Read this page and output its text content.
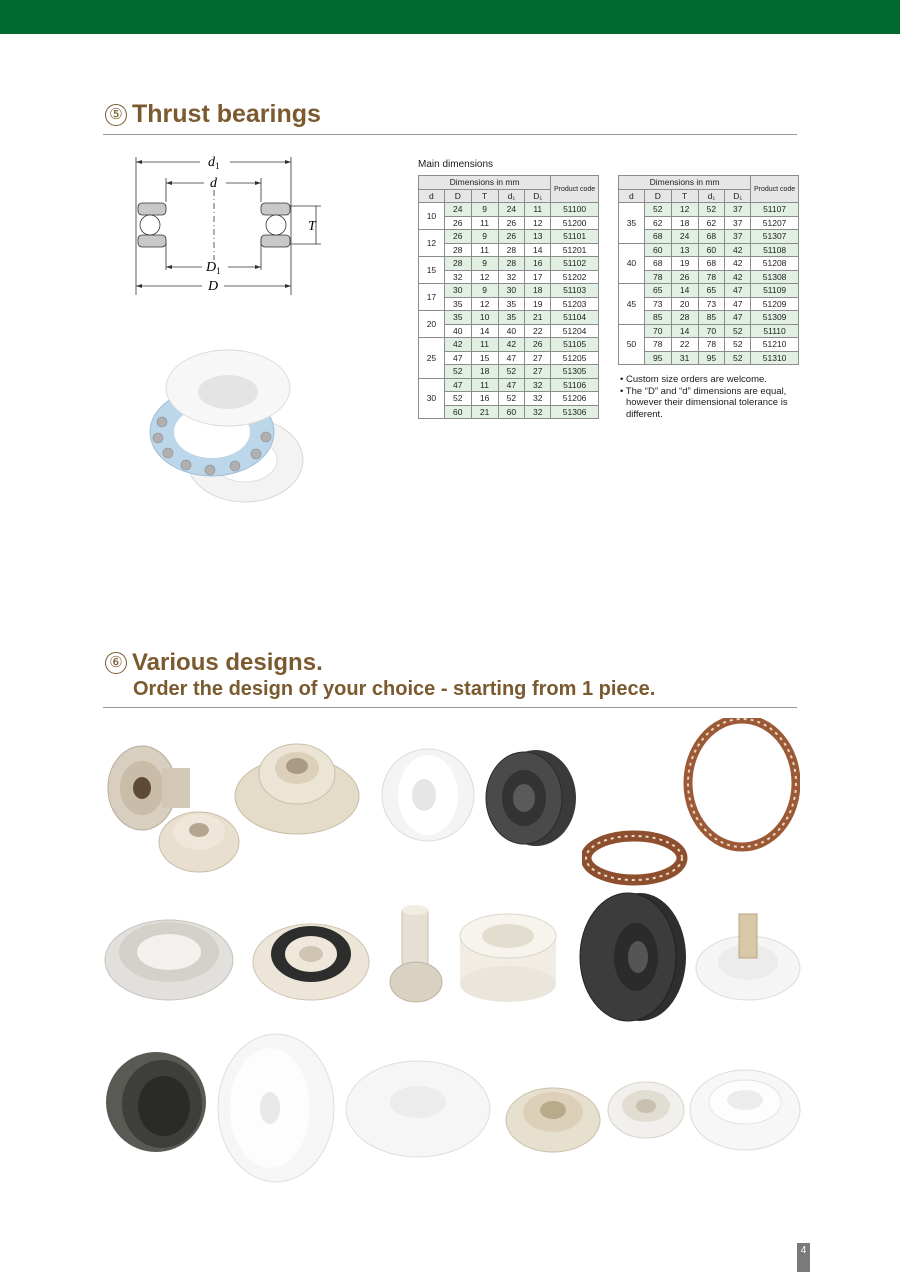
⑤ Thrust bearings
$d_1$
d
T
$D_1$
D
Main dimensions
Dimensions in mm					Product code
d	D	T	d₁	D₁	
10	24	9	24	11	51100
	26	11	26	12	51200
12	26	9	26	13	51101
	28	11	28	14	51201
15	28	9	28	16	51102
	32	12	32	17	51202
17	30	9	30	18	51103
	35	12	35	19	51203
20	35	10	35	21	51104
	40	14	40	22	51204
25	42	11	42	26	51105
	47	15	47	27	51205
	52	18	52	27	51305
30	47	11	47	32	51106
	52	16	52	32	51206
	60	21	60	32	51306
Dimensions in mm					Product code
d	D	T	d₁	D₁	
35	52	12	52	37	51107
	62	18	62	37	51207
	68	24	68	37	51307
40	60	13	60	42	51108
	68	19	68	42	51208
	78	26	78	42	51308
45	65	14	65	47	51109
	73	20	73	47	51209
	85	28	85	47	51309
50	70	14	70	52	51110
	78	22	78	52	51210
	95	31	95	52	51310
• Custom size orders are welcome.
• The “D” and “d” dimensions are equal, however their dimensional tolerance is different.
⑥ Various designs.
Order the design of your choice - starting from 1 piece.
4
